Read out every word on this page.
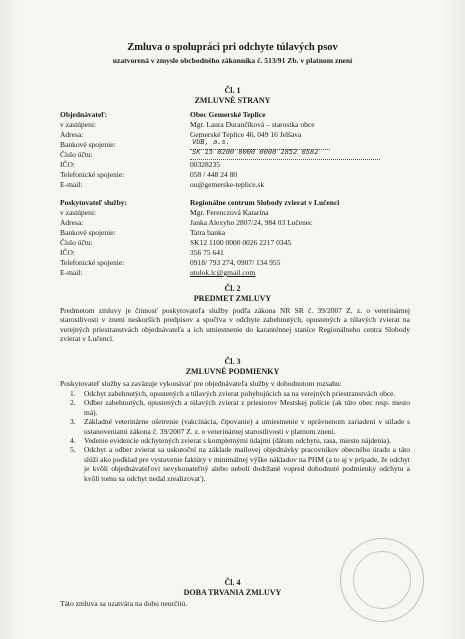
Zmluva o spolupráci pri odchyte túlavých psov
uzatvorená v zmysle obchodného zákonníka č. 513/91 Zb. v platnom znení
Čl. 1
ZMLUVNÉ STRANY
Objednávateľ:	Obec Gemerské Teplice
v zastúpení:	Mgr. Laura Durančíková – starostka obce
Adresa:	Gemerské Teplice 46, 049 16 Jelšava
Bankové spojenie:	VÚB, a.s.
Číslo účtu:	SK 15 0200 0000 0000 2852 0582
IČO:	00328235
Telefonické spojenie:	058 / 448 24 80
E-mail:	ou@gemerske-teplice.sk
Poskytovateľ služby:	Regionálne centrum Slobody zvierat v Lučenci
v zastúpení:	Mgr. Ferenczová Katarína
Adresa:	Janka Alexyho 2807/24, 984 03 Lučenec
Bankové spojenie:	Tatra banka
Číslo účtu:	SK12 1100 0000 0026 2217 0345
IČO:	356 75 641
Telefonické spojenie:	0918/ 793 274, 0907/ 134 955
E-mail:	utulok.lc@gmail.com
Čl. 2
PREDMET ZMLUVY
Predmetom zmluvy je činnosť poskytovateľa služby podľa zákona NR SR č. 39/2007 Z. z. o veterinárnej starostlivosti v znení neskorších predpisov a spočíva v odchyte zabehnutých, opustených a túlavých zvierat na verejných priestranstvách objednávateľa a ich umiestnenie do karanténnej stanice Regionálneho centra Slobody zvierat v Lučenci.
Čl. 3
ZMLUVNÉ PODMIENKY
Poskytovateľ služby sa zaväzuje vykonávať pre objednávateľa služby v dohodnutom rozsahu:
1.	Odchyt zabehnutých, opustených a túlavých zvierat pohybujúcich sa na verejných priestranstvách obce.
2.	Odber zabehnutých, opustených a túlavých zvierat z priestorov Mestskej polície (ak túto obec resp. mesto má).
3.	Základné veterinárne ošetrenie (vakcinácia, čipovanie) a umiestnenie v oprávnenom zariadení v súlade s ustanoveniami zákona č. 39/2007 Z. z. o veterinárnej starostlivosti v platnom znení.
4.	Vedenie evidencie odchytených zvierat s kompletnými údajmi (dátum odchytu, rasa, miesto nájdenia).
5.	Odchyt a odber zvierat sa uskutoční na základe mailovej objednávky pracovníkov obecného úradu a táto slúži ako podklad pre vystavenie faktúry v minimálnej výške nákladov na PHM (a to aj v prípade, že odchyt je kvôli objednávateľovi nevykonateľný alebo nebolí dodržané vopred dohodnuté podmienky odchytu a kvôli tomu sa odchyt nedal zrealizovať).
Čl. 4
DOBA TRVANIA ZMLUVY
Táto zmluva sa uzatvára na dobu neurčitú.
